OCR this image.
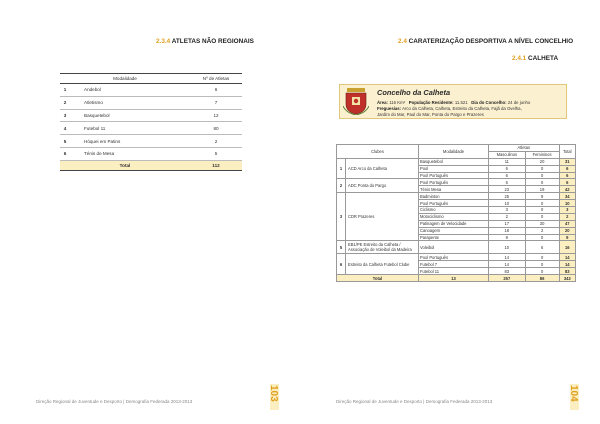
2.3.4 ATLETAS NÃO REGIONAIS
Modalidade		Nº de Atletas
1	Andebol	6
2	Atletismo	7
3	Basquetebol	12
4	Futebol 11	80
5	Hóquei em Patins	2
6	Ténis de Mesa	5
Total		112
Direção Regional de Juventude e Desporto | Demografia Federada 2013-2013	103
2.4 CARATERIZAÇÃO DESPORTIVA A NÍVEL CONCELHIO
2.4.1 CALHETA
Concelho da Calheta
Área: 116 Km² População Residente: 11.521 Dia do Concelho: 24 de junho
Freguesias: Arco da Calheta, Calheta, Estreito da Calheta, Fajã da Ovelha,
Jardim do Mar, Paul do Mar, Ponta do Pargo e Prazeres
Clubes		Modalidade	Atletas		Total
			Masculinos	Femininos	
1	ACD Arco da Calheta	Basquetebol	11	20	31
		Pool	6	0	6
		Pool Português	6	0	6
2	ADC Ponta do Pargo	Pool Português	6	0	6
		Ténis Mesa	23	19	42
3	CDR Prazeres	Badminton	25	9	34
		Pool Português	10	0	10
		Ciclismo	3	0	3
		Motociclismo	2	0	2
		Patinagem de Velocidade	17	30	47
		Canoagem	18	2	20
		Parapente	9	0	9
5	EB1/PE Estreito da Calheta / Associação de Voleibol da Madeira	Voleibol	10	6	16
6	Estreito da Calheta Futebol Clube	Pool Português	14	0	14
		Futebol 7	14	0	14
		Futebol 11	83	0	83
Total		13	257	86	343
Direção Regional de Juventude e Desporto | Demografia Federada 2013-2013	104
